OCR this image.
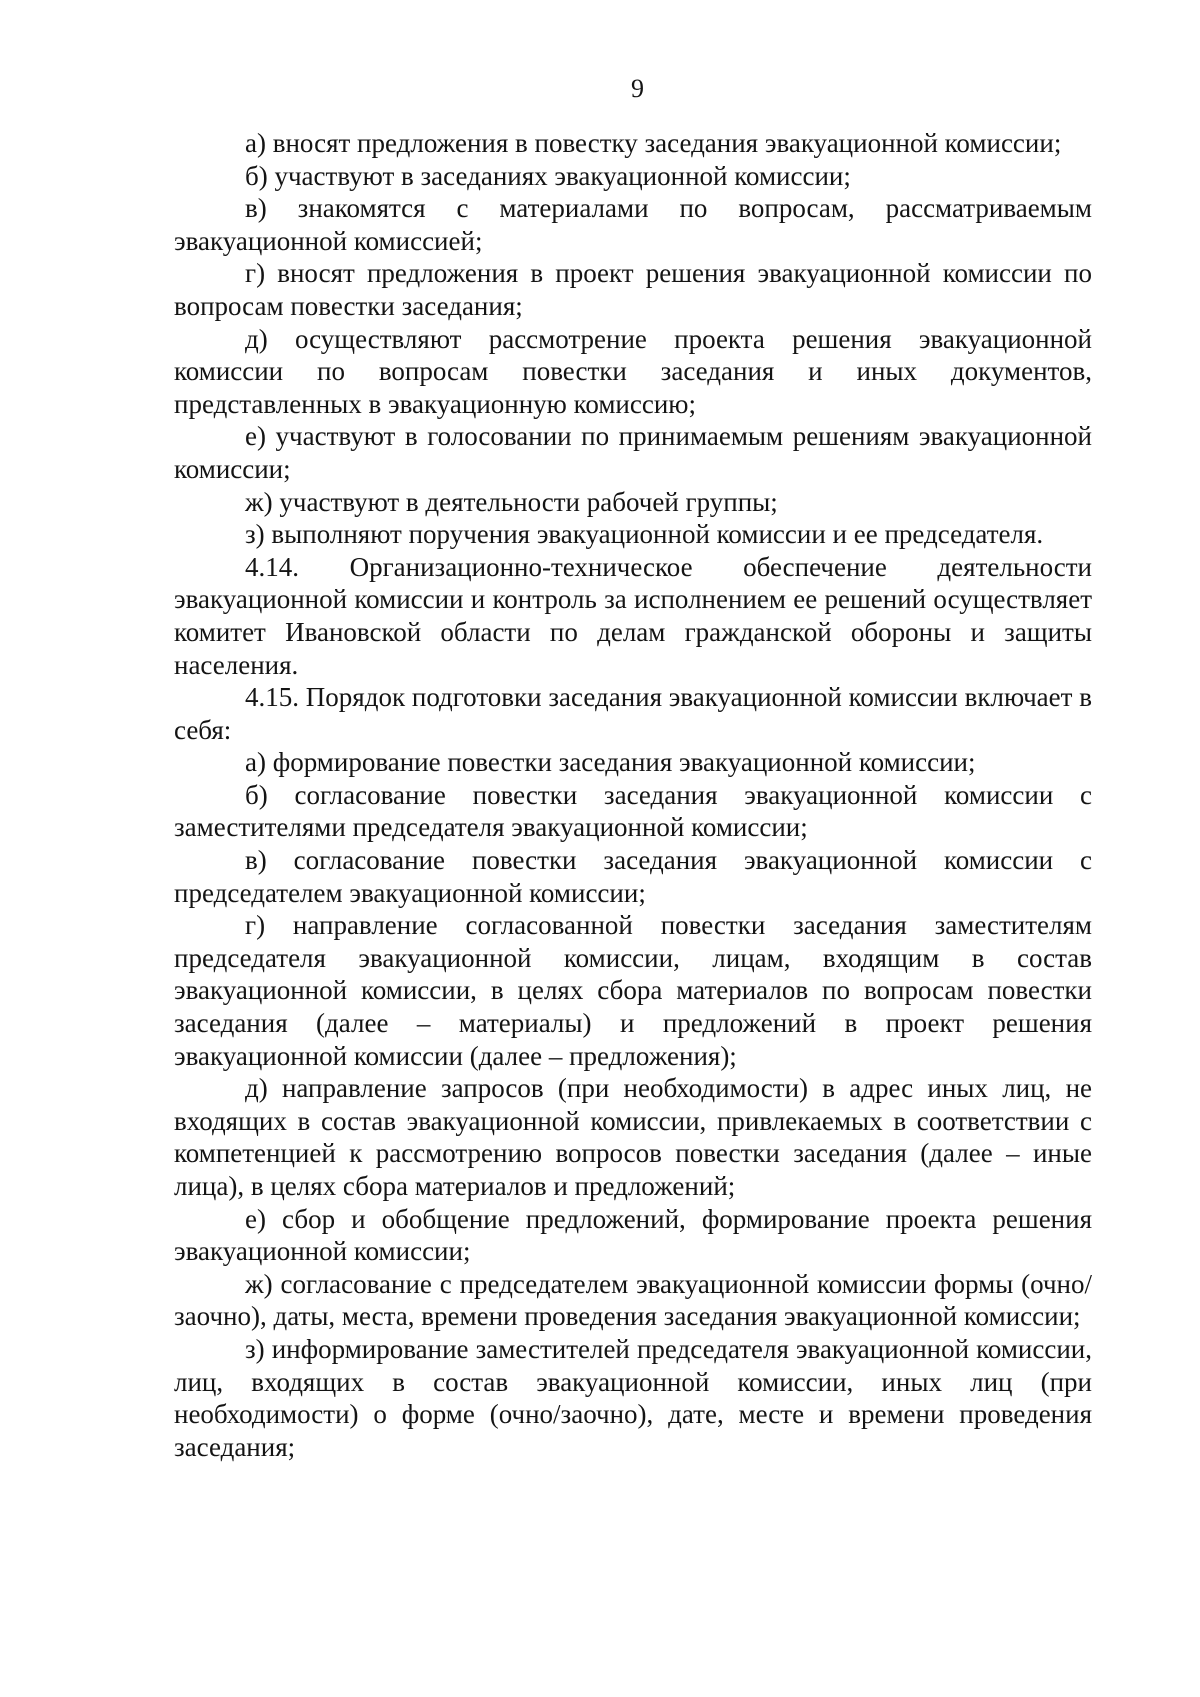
9

а) вносят предложения в повестку заседания эвакуационной комиссии;

б) участвуют в заседаниях эвакуационной комиссии;

в) знакомятся с материалами по вопросам, рассматриваемым эвакуационной комиссией;

г) вносят предложения в проект решения эвакуационной комиссии по вопросам повестки заседания;

д) осуществляют рассмотрение проекта решения эвакуационной комиссии по вопросам повестки заседания и иных документов, представленных в эвакуационную комиссию;

е) участвуют в голосовании по принимаемым решениям эвакуационной комиссии;

ж) участвуют в деятельности рабочей группы;

з) выполняют поручения эвакуационной комиссии и ее председателя.

4.14. Организационно-техническое обеспечение деятельности эвакуационной комиссии и контроль за исполнением ее решений осуществляет комитет Ивановской области по делам гражданской обороны и защиты населения.

4.15. Порядок подготовки заседания эвакуационной комиссии включает в себя:

а) формирование повестки заседания эвакуационной комиссии;

б) согласование повестки заседания эвакуационной комиссии с заместителями председателя эвакуационной комиссии;

в) согласование повестки заседания эвакуационной комиссии с председателем эвакуационной комиссии;

г) направление согласованной повестки заседания заместителям председателя эвакуационной комиссии, лицам, входящим в состав эвакуационной комиссии, в целях сбора материалов по вопросам повестки заседания (далее – материалы) и предложений в проект решения эвакуационной комиссии (далее – предложения);

д) направление запросов (при необходимости) в адрес иных лиц, не входящих в состав эвакуационной комиссии, привлекаемых в соответствии с компетенцией к рассмотрению вопросов повестки заседания (далее – иные лица), в целях сбора материалов и предложений;

е) сбор и обобщение предложений, формирование проекта решения эвакуационной комиссии;

ж) согласование с председателем эвакуационной комиссии формы (очно/заочно), даты, места, времени проведения заседания эвакуационной комиссии;

з) информирование заместителей председателя эвакуационной комиссии, лиц, входящих в состав эвакуационной комиссии, иных лиц (при необходимости) о форме (очно/заочно), дате, месте и времени проведения заседания;
